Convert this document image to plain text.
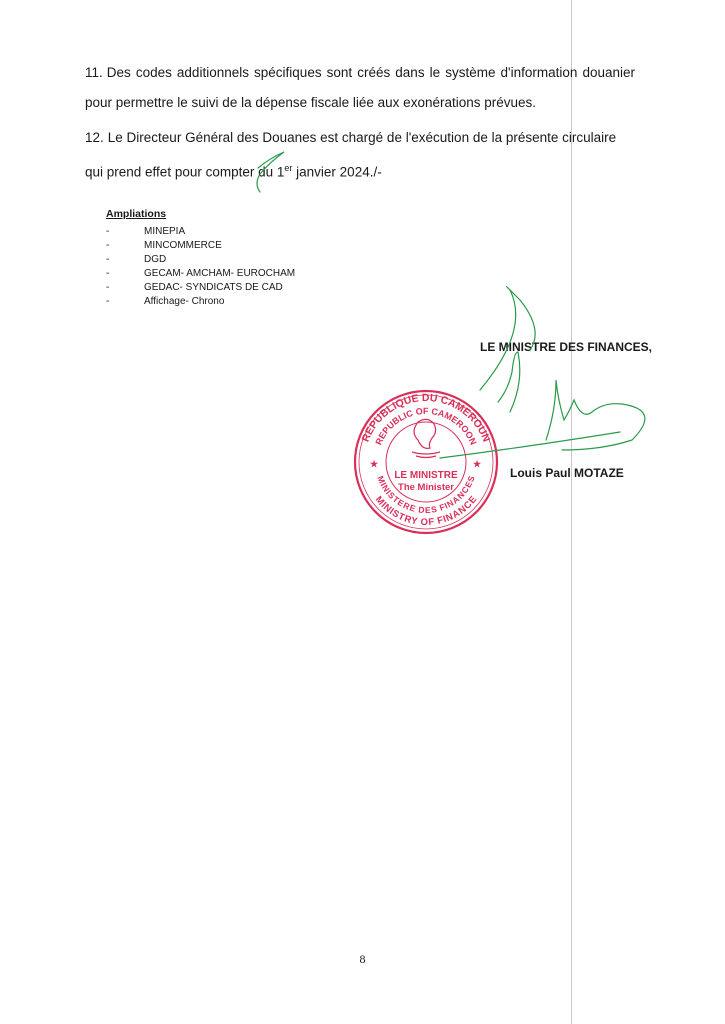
11. Des codes additionnels spécifiques sont créés dans le système d'information douanier pour permettre le suivi de la dépense fiscale liée aux exonérations prévues.

12. Le Directeur Général des Douanes est chargé de l'exécution de la présente circulaire qui prend effet pour compter du 1er janvier 2024./-

Ampliations

-	MINEPIA
-	MINCOMMERCE
-	DGD
-	GECAM- AMCHAM- EUROCHAM
-	GEDAC- SYNDICATS DE CAD
-	Affichage- Chrono

LE MINISTRE DES FINANCES,

Louis Paul MOTAZE

REPUBLIQUE DU CAMEROUN
REPUBLIC OF CAMEROON
MINISTRY OF FINANCE
MINISTERE DES FINANCES
★	★
LE MINISTRE
The Minister

8
